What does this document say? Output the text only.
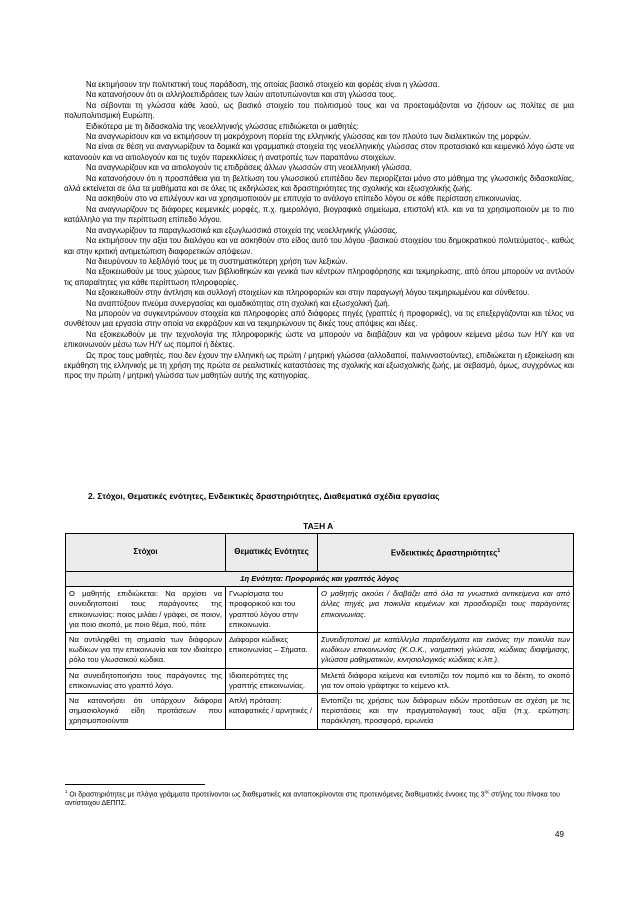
Να εκτιμήσουν την πολιτιστική τους παράδοση, της οποίας βασικό στοιχείο και φορέας είναι η γλώσσα.

Να κατανοήσουν ότι οι αλληλοεπιδράσεις των λαών αποτυπώνονται και στη γλώσσα τους.

Να σέβονται τη γλώσσα κάθε λαού, ως βασικό στοιχείο του πολιτισμού τους και να προετοιμάζονται να ζήσουν ως πολίτες σε μια πολυπολιτισμική Ευρώπη.

Ειδικότερα με τη διδασκαλία της νεοελληνικής γλώσσας επιδιώκεται οι μαθητές:

Να αναγνωρίσουν και να εκτιμήσουν τη μακρόχρονη πορεία της ελληνικής γλώσσας και τον πλούτο των διαλεκτικών της μορφών.

Να είναι σε θέση να αναγνωρίζουν τα δομικά και γραμματικά στοιχεία της νεοελληνικής γλώσσας στον προτασιακό και κειμενικό λόγο ώστε να κατανοούν και να αιτιολογούν και τις τυχόν παρεκκλίσεις ή ανατροπές των παραπάνω στοιχείων.

Να αναγνωρίζουν και να αιτιολογούν τις επιδράσεις άλλων γλωσσών στη νεοελληνική γλώσσα.

Να κατανοήσουν ότι η προσπάθεια για τη βελτίωση του γλωσσικού επιπέδου δεν περιορίζεται μόνο στο μάθημα της γλωσσικής διδασκαλίας, αλλά εκτείνεται σε όλα τα μαθήματα και σε όλες τις εκδηλώσεις και δραστηριότητες της σχολικής και εξωσχολικής ζωής.

Να ασκηθούν στο να επιλέγουν και να χρησιμοποιούν με επιτυχία το ανάλογο επίπεδο λόγου σε κάθε περίσταση επικοινωνίας.

Να αναγνωρίζουν τις διάφορες κειμενικές μορφές, π.χ. ημερολόγιο, βιογραφικό σημείωμα, επιστολή κτλ. και να τα χρησιμοποιούν με το πιο κατάλληλο για την περίπτωση επίπεδο λόγου.

Να αναγνωρίζουν τα παραγλωσσικά και εξωγλωσσικά στοιχεία της νεοελληνικής γλώσσας.

Να εκτιμήσουν την αξία του διαλόγου και να ασκηθούν στο είδος αυτό του λόγου -βασικού στοιχείου του δημοκρατικού πολιτεύματος-, καθώς και στην κριτική αντιμετώπιση διαφορετικών απόψεων.

Να διευρύνουν το λεξιλόγιό τους με τη συστηματικότερη χρήση των λεξικών.

Να εξοικειωθούν με τους χώρους των βιβλιοθηκών και γενικά των κέντρων πληροφόρησης και τεκμηρίωσης, από όπου μπορούν να αντλούν τις απαραίτητες για κάθε περίπτωση πληροφορίες.

Να εξοικειωθούν στην άντληση και συλλογή στοιχείων και πληροφοριών και στην παραγωγή λόγου τεκμηριωμένου και σύνθετου.

Να αναπτύξουν πνεύμα συνεργασίας και ομαδικότητας στη σχολική και εξωσχολική ζωή.

Να μπορούν να συγκεντρώνουν στοιχεία και πληροφορίες από διάφορες πηγές (γραπτές ή προφορικές), να τις επεξεργάζονται και τέλος να συνθέτουν μια εργασία στην οποία να εκφράζουν και να τεκμηριώνουν τις δικές τους απόψεις και ιδέες.

Να εξοικειωθούν με την τεχνολογία της πληροφορικής ώστε να μπορούν να διαβάζουν και να γράφουν κείμενα μέσω των Η/Υ και να επικοινωνούν μέσω των Η/Υ ως πομποί ή δέκτες.

Ως προς τους μαθητές, που δεν έχουν την ελληνική ως πρώτη / μητρική γλώσσα (αλλοδαποί, παλιννοστούντες), επιδιώκεται η εξοικείωση και εκμάθηση της ελληνικής με τη χρήση της πρώτα σε ρεαλιστικές καταστάσεις της σχολικής και εξωσχολικής ζωής, με σεβασμό, όμως, συγχρόνως και προς την πρώτη / μητρική γλώσσα των μαθητών αυτής της κατηγορίας.

2. Στόχοι, Θεματικές ενότητες, Ενδεικτικές δραστηριότητες, Διαθεματικά σχέδια εργασίας
ΤΑΞΗ Α΄
Στόχοι	Θεματικές Ενότητες	Ενδεικτικές Δραστηριότητες$^1$
1η Ενότητα: Προφορικός και γραπτός λόγος		
Ο μαθητής επιδιώκεται: Να αρχίσει να συνειδητοποιεί τους παράγοντες της επικοινωνίας: ποιος μιλάει / γράφει, σε ποιον, για ποιο σκοπό, με ποιο θέμα, πού, πότε	Γνωρίσματα του προφορικού και του γραπτού λόγου στην επικοινωνία.	Ο μαθητής ακούει / διαβάζει από όλα τα γνωστικά αντικείμενα και από άλλες πηγές μια ποικιλία κειμένων και προσδιορίζει τους παράγοντες επικοινωνίας.
Να αντιληφθεί τη σημασία των διάφορων κωδίκων για την επικοινωνία και τον ιδιαίτερο ρόλο του γλωσσικού κώδικα.	Διάφοροι κώδικες επικοινωνίας – Σήματα.	Συνειδητοποιεί με κατάλληλα παραδείγματα και εικόνες την ποικιλία των κωδίκων επικοινωνίας (Κ.Ο.Κ., νοηματική γλώσσα, κώδικας διαφήμισης, γλώσσα μαθηματικών, κινησιολογικός κώδικας κ.λπ.).
Να συνειδητοποιήσει τους παράγοντες της επικοινωνίας στο γραπτό λόγο.	Ιδιαιτερότητες της γραπτής επικοινωνίας.	Μελετά διάφορα κείμενα και εντοπίζει τον πομπό και το δέκτη, το σκοπό για τον οποίο γράφτηκε το κείμενο κτλ.
Να κατανοήσει ότι υπάρχουν διάφορα σημασιολογικά είδη προτάσεων που χρησιμοποιούνται	Απλή πρόταση: καταφατικές / αρνητικές /	Εντοπίζει τις χρήσεις των διάφορων ειδών προτάσεων σε σχέση με τις περιστάσεις και την πραγματολογική τους αξία (π.χ. ερώτηση: παράκληση, προσφορά, ειρωνεία
$^1$ Οι δραστηριότητες με πλάγια γράμματα προτείνονται ως διαθεματικές και ανταποκρίνονται στις προτεινόμενες διαθεματικές έννοιες της $3^{\eta\varsigma}$ στήλης του πίνακα του αντίστοιχου ΔΕΠΠΣ.
49
